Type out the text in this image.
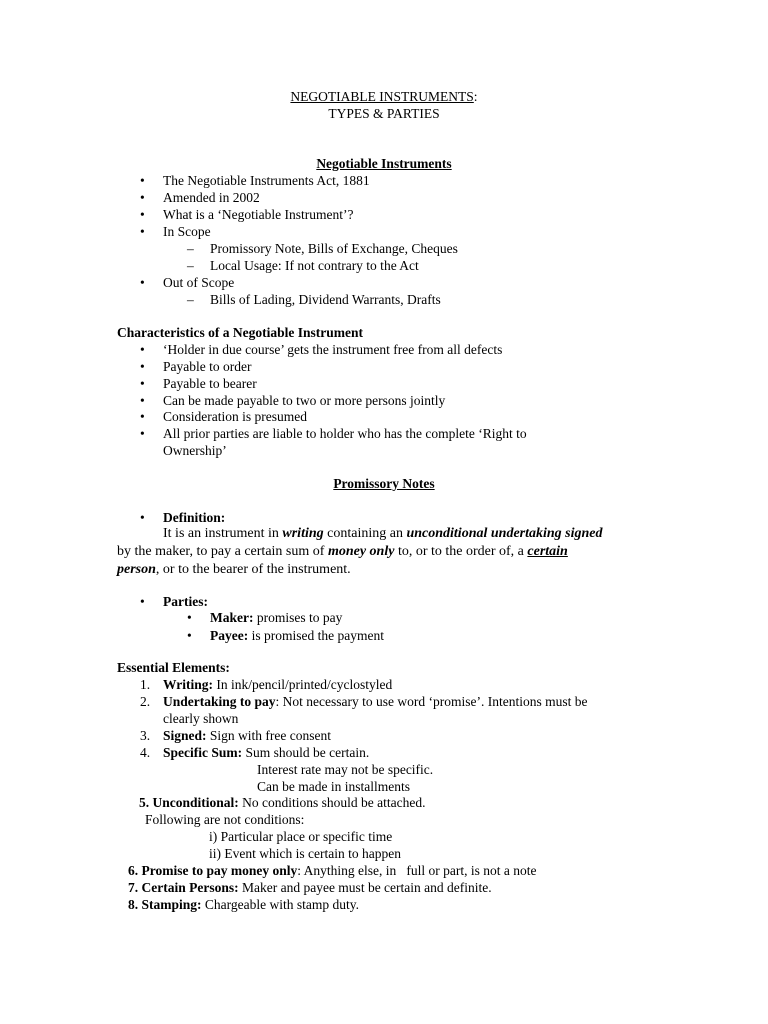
NEGOTIABLE INSTRUMENTS:
TYPES & PARTIES
Negotiable Instruments
• The Negotiable Instruments Act, 1881
• Amended in 2002
• What is a ‘Negotiable Instrument’?
• In Scope
– Promissory Note, Bills of Exchange, Cheques
– Local Usage: If not contrary to the Act
• Out of Scope
– Bills of Lading, Dividend Warrants, Drafts
Characteristics of a Negotiable Instrument
• ‘Holder in due course’ gets the instrument free from all defects
• Payable to order
• Payable to bearer
• Can be made payable to two or more persons jointly
• Consideration is presumed
• All prior parties are liable to holder who has the complete ‘Right to
Ownership’
Promissory Notes
• Definition:
It is an instrument in writing containing an unconditional undertaking signed
by the maker, to pay a certain sum of money only to, or to the order of, a certain
person, or to the bearer of the instrument.
• Parties:
• Maker: promises to pay
• Payee: is promised the payment
Essential Elements:
1. Writing: In ink/pencil/printed/cyclostyled
2. Undertaking to pay: Not necessary to use word ‘promise’. Intentions must be
clearly shown
3. Signed: Sign with free consent
4. Specific Sum: Sum should be certain.
Interest rate may not be specific.
Can be made in installments
5. Unconditional: No conditions should be attached.
Following are not conditions:
i) Particular place or specific time
ii) Event which is certain to happen
6. Promise to pay money only: Anything else, in   full or part, is not a note
7. Certain Persons: Maker and payee must be certain and definite.
8. Stamping: Chargeable with stamp duty.
